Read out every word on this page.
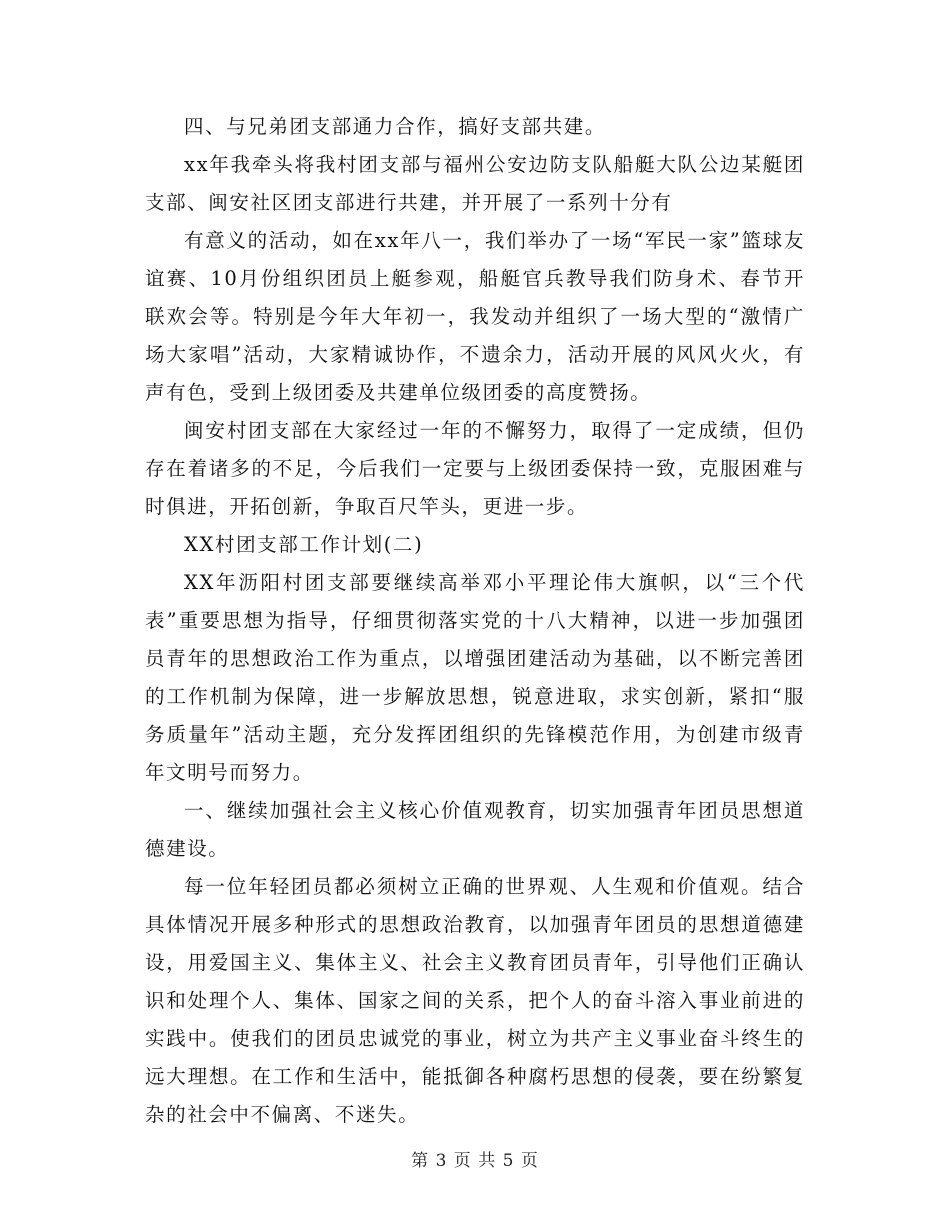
四、与兄弟团支部通力合作，搞好支部共建。

xx年我牵头将我村团支部与福州公安边防支队船艇大队公边某艇团支部、闽安社区团支部进行共建，并开展了一系列十分有

有意义的活动，如在xx年八一，我们举办了一场“军民一家”篮球友谊赛、10月份组织团员上艇参观，船艇官兵教导我们防身术、春节开联欢会等。特别是今年大年初一，我发动并组织了一场大型的“激情广场大家唱”活动，大家精诚协作，不遗余力，活动开展的风风火火，有声有色，受到上级团委及共建单位级团委的高度赞扬。

闽安村团支部在大家经过一年的不懈努力，取得了一定成绩，但仍存在着诸多的不足，今后我们一定要与上级团委保持一致，克服困难与时俱进，开拓创新，争取百尺竿头，更进一步。

XX村团支部工作计划(二)

XX年沥阳村团支部要继续高举邓小平理论伟大旗帜，以“三个代表”重要思想为指导，仔细贯彻落实党的十八大精神，以进一步加强团员青年的思想政治工作为重点，以增强团建活动为基础，以不断完善团的工作机制为保障，进一步解放思想，锐意进取，求实创新，紧扣“服务质量年”活动主题，充分发挥团组织的先锋模范作用，为创建市级青年文明号而努力。

一、继续加强社会主义核心价值观教育，切实加强青年团员思想道德建设。

每一位年轻团员都必须树立正确的世界观、人生观和价值观。结合具体情况开展多种形式的思想政治教育，以加强青年团员的思想道德建设，用爱国主义、集体主义、社会主义教育团员青年，引导他们正确认识和处理个人、集体、国家之间的关系，把个人的奋斗溶入事业前进的实践中。使我们的团员忠诚党的事业，树立为共产主义事业奋斗终生的远大理想。在工作和生活中，能抵御各种腐朽思想的侵袭，要在纷繁复杂的社会中不偏离、不迷失。

第 3 页 共 5 页
